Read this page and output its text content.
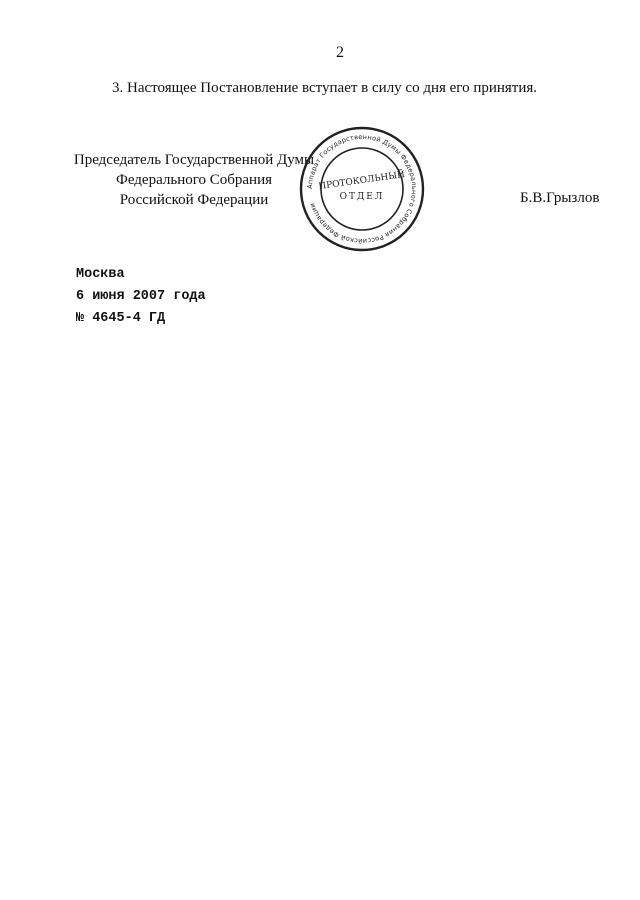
2
3. Настоящее Постановление вступает в силу со дня его принятия.
Председатель Государственной Думы
Федерального Собрания
Российской Федерации
Аппарат Государственной Думы Федерального Собрания Российской Федерации
ПРОТОКОЛЬНЫЙ
ОТДЕЛ	Б.В.Грызлов
Москва
6 июня 2007 года
№ 4645-4 ГД
